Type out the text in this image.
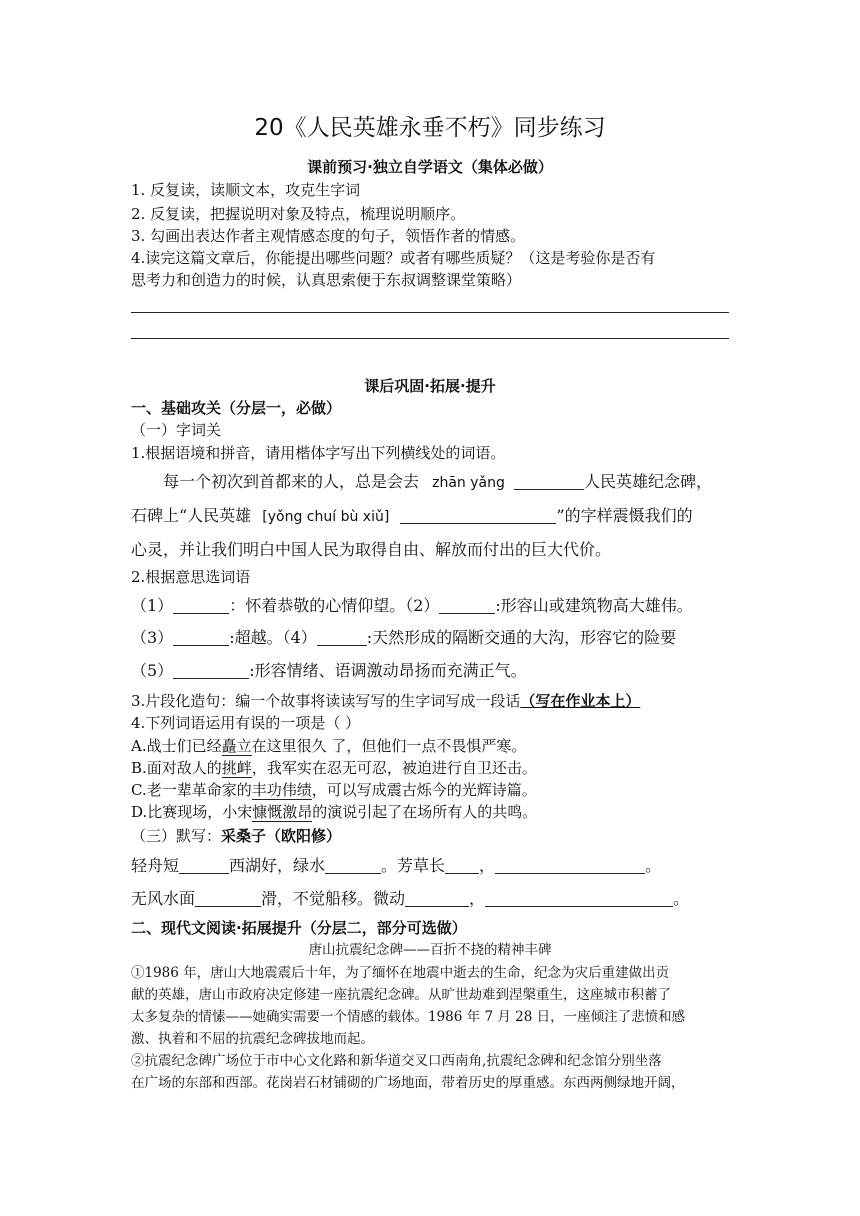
20《人民英雄永垂不朽》同步练习
课前预习·独立自学语文（集体必做）
1. 反复读，读顺文本，攻克生字词
2. 反复读，把握说明对象及特点，梳理说明顺序。
3. 勾画出表达作者主观情感态度的句子，领悟作者的情感。
4.读完这篇文章后，你能提出哪些问题？或者有哪些质疑？（这是考验你是否有
思考力和创造力的时候，认真思索便于东叔调整课堂策略）
课后巩固·拓展·提升
一、基础攻关（分层一，必做）
（一）字词关
1.根据语境和拼音，请用楷体字写出下列横线处的词语。
每一个初次到首都来的人，总是会去 zhān yǎng	人民英雄纪念碑，
石碑上“人民英雄 [yǒng chuí bù xiǔ]	”的字样震慑我们的
心灵，并让我们明白中国人民为取得自由、解放而付出的巨大代价。
2.根据意思选词语
（1）	：怀着恭敬的心情仰望。（2）	:形容山或建筑物高大雄伟。
（3）	:超越。（4）	:天然形成的隔断交通的大沟，形容它的险要
（5）	:形容情绪、语调激动昂扬而充满正气。
3.片段化造句：编一个故事将读读写写的生字词写成一段话（写在作业本上）
4.下列词语运用有误的一项是（ ）
A.战士们已经矗立在这里很久 了，但他们一点不畏惧严寒。
B.面对敌人的挑衅，我军实在忍无可忍，被迫进行自卫还击。
C.老一辈革命家的丰功伟绩，可以写成震古烁今的光辉诗篇。
D.比赛现场，小宋慷慨激昂的演说引起了在场所有人的共鸣。
（三）默写：采桑子（欧阳修）
轻舟短	西湖好，绿水	。芳草长 ，	。
无风水面	滑，不觉船移。微动	，	。
二、现代文阅读·拓展提升（分层二，部分可选做）
唐山抗震纪念碑——百折不挠的精神丰碑
①1986 年，唐山大地震震后十年，为了缅怀在地震中逝去的生命，纪念为灾后重建做出贡
献的英雄，唐山市政府决定修建一座抗震纪念碑。从旷世劫难到涅槃重生，这座城市积蓄了
太多复杂的情愫——她确实需要一个情感的载体。1986 年 7 月 28 日，一座倾注了悲愤和感
激、执着和不屈的抗震纪念碑拔地而起。
②抗震纪念碑广场位于市中心文化路和新华道交叉口西南角,抗震纪念碑和纪念馆分别坐落
在广场的东部和西部。花岗岩石材铺砌的广场地面，带着历史的厚重感。东西两侧绿地开阔，
